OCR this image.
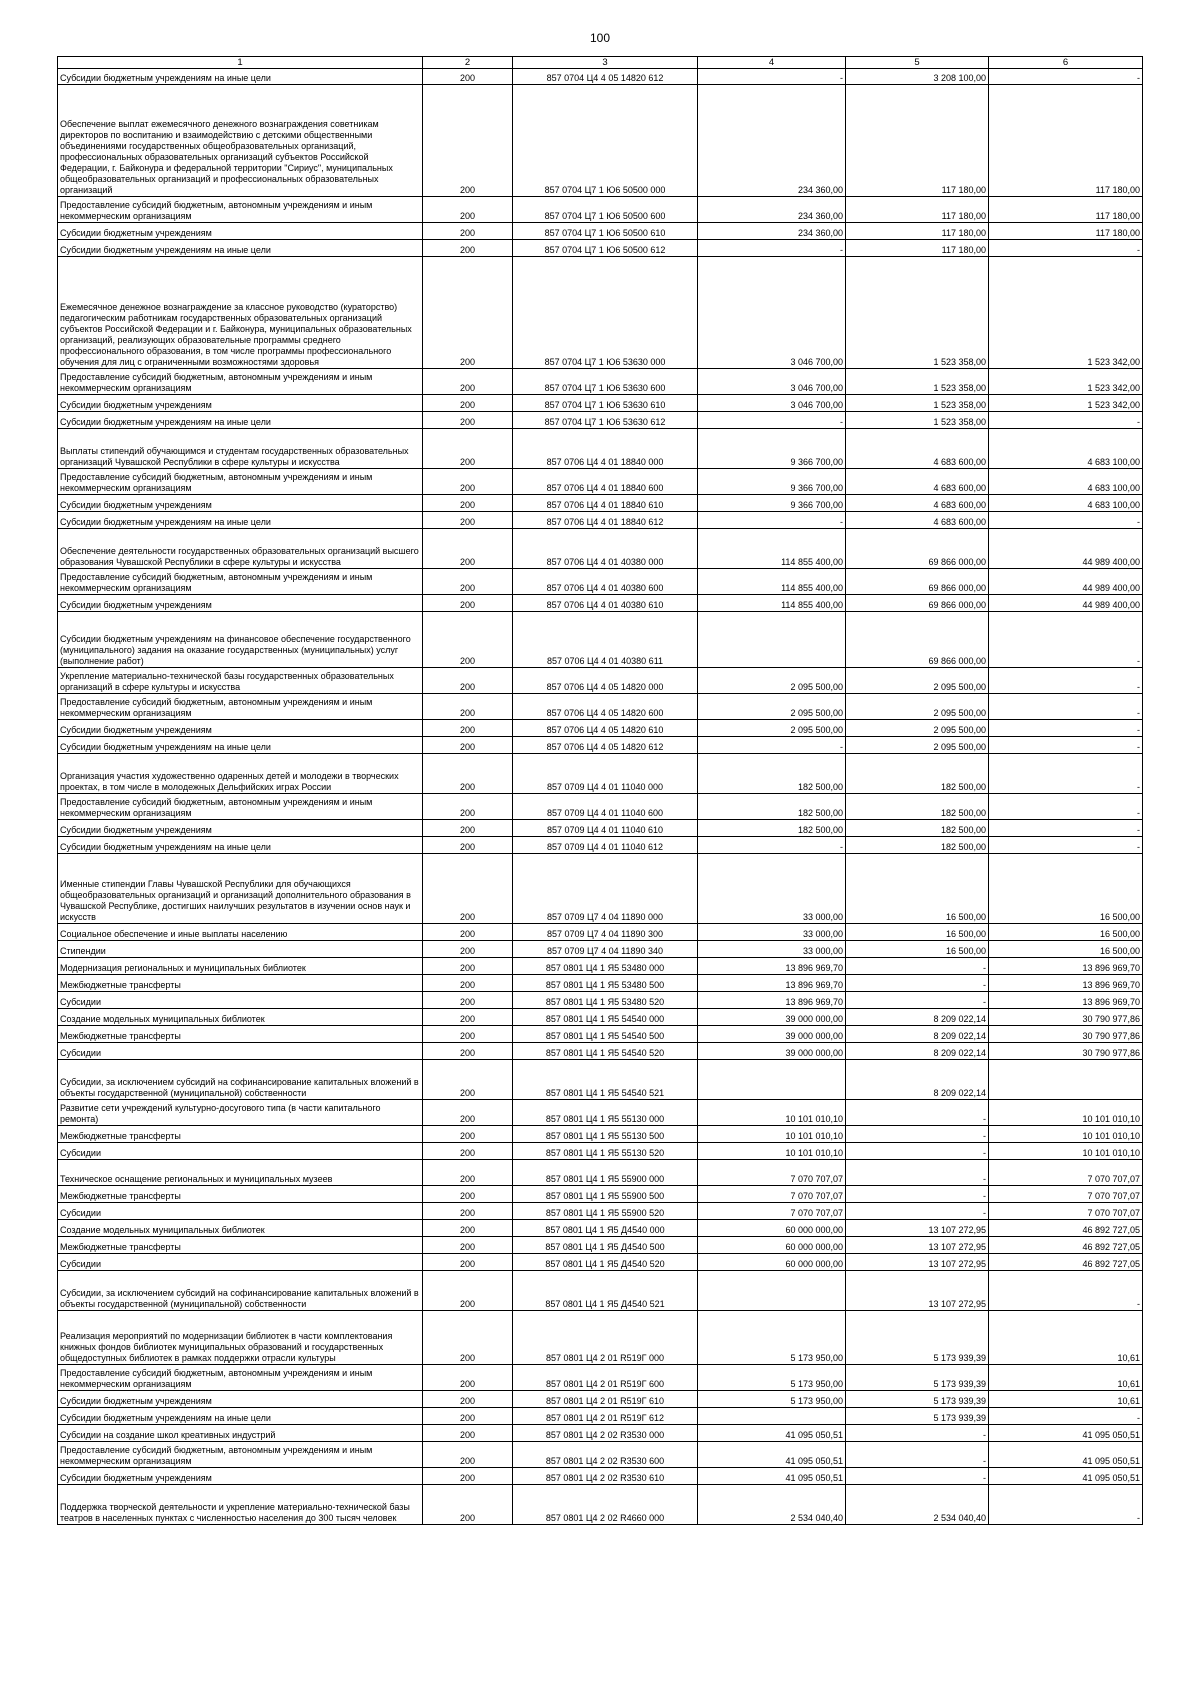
100
1	2	3	4	5	6
Субсидии бюджетным учреждениям на иные цели	200	857 0704 Ц4 4 05 14820 612	-	3 208 100,00	-
Обеспечение выплат ежемесячного денежного вознаграждения советникам директоров по воспитанию и взаимодействию с детскими общественными объединениями государственных общеобразовательных организаций, профессиональных образовательных организаций субъектов Российской Федерации, г. Байконура и федеральной территории "Сириус", муниципальных общеобразовательных организаций и профессиональных образовательных организаций	200	857 0704 Ц7 1 Ю6 50500 000	234 360,00	117 180,00	117 180,00
Предоставление субсидий бюджетным, автономным учреждениям и иным некоммерческим организациям	200	857 0704 Ц7 1 Ю6 50500 600	234 360,00	117 180,00	117 180,00
Субсидии бюджетным учреждениям	200	857 0704 Ц7 1 Ю6 50500 610	234 360,00	117 180,00	117 180,00
Субсидии бюджетным учреждениям на иные цели	200	857 0704 Ц7 1 Ю6 50500 612	-	117 180,00	-
Ежемесячное денежное вознаграждение за классное руководство (кураторство) педагогическим работникам государственных образовательных организаций субъектов Российской Федерации и г. Байконура, муниципальных образовательных организаций, реализующих образовательные программы среднего профессионального образования, в том числе программы профессионального обучения для лиц с ограниченными возможностями здоровья	200	857 0704 Ц7 1 Ю6 53630 000	3 046 700,00	1 523 358,00	1 523 342,00
Предоставление субсидий бюджетным, автономным учреждениям и иным некоммерческим организациям	200	857 0704 Ц7 1 Ю6 53630 600	3 046 700,00	1 523 358,00	1 523 342,00
Субсидии бюджетным учреждениям	200	857 0704 Ц7 1 Ю6 53630 610	3 046 700,00	1 523 358,00	1 523 342,00
Субсидии бюджетным учреждениям на иные цели	200	857 0704 Ц7 1 Ю6 53630 612	-	1 523 358,00	-
Выплаты стипендий обучающимся и студентам государственных образовательных организаций Чувашской Республики в сфере культуры и искусства	200	857 0706 Ц4 4 01 18840 000	9 366 700,00	4 683 600,00	4 683 100,00
Предоставление субсидий бюджетным, автономным учреждениям и иным некоммерческим организациям	200	857 0706 Ц4 4 01 18840 600	9 366 700,00	4 683 600,00	4 683 100,00
Субсидии бюджетным учреждениям	200	857 0706 Ц4 4 01 18840 610	9 366 700,00	4 683 600,00	4 683 100,00
Субсидии бюджетным учреждениям на иные цели	200	857 0706 Ц4 4 01 18840 612	-	4 683 600,00	-
Обеспечение деятельности государственных образовательных организаций высшего образования Чувашской Республики в сфере культуры и искусства	200	857 0706 Ц4 4 01 40380 000	114 855 400,00	69 866 000,00	44 989 400,00
Предоставление субсидий бюджетным, автономным учреждениям и иным некоммерческим организациям	200	857 0706 Ц4 4 01 40380 600	114 855 400,00	69 866 000,00	44 989 400,00
Субсидии бюджетным учреждениям	200	857 0706 Ц4 4 01 40380 610	114 855 400,00	69 866 000,00	44 989 400,00
Субсидии бюджетным учреждениям на финансовое обеспечение государственного (муниципального) задания на оказание государственных (муниципальных) услуг (выполнение работ)	200	857 0706 Ц4 4 01 40380 611		69 866 000,00	-
Укрепление материально-технической базы государственных образовательных организаций в сфере культуры и искусства	200	857 0706 Ц4 4 05 14820 000	2 095 500,00	2 095 500,00	-
Предоставление субсидий бюджетным, автономным учреждениям и иным некоммерческим организациям	200	857 0706 Ц4 4 05 14820 600	2 095 500,00	2 095 500,00	-
Субсидии бюджетным учреждениям	200	857 0706 Ц4 4 05 14820 610	2 095 500,00	2 095 500,00	-
Субсидии бюджетным учреждениям на иные цели	200	857 0706 Ц4 4 05 14820 612	-	2 095 500,00	-
Организация участия художественно одаренных детей и молодежи в творческих проектах, в том числе в молодежных Дельфийских играх России	200	857 0709 Ц4 4 01 11040 000	182 500,00	182 500,00	-
Предоставление субсидий бюджетным, автономным учреждениям и иным некоммерческим организациям	200	857 0709 Ц4 4 01 11040 600	182 500,00	182 500,00	-
Субсидии бюджетным учреждениям	200	857 0709 Ц4 4 01 11040 610	182 500,00	182 500,00	-
Субсидии бюджетным учреждениям на иные цели	200	857 0709 Ц4 4 01 11040 612	-	182 500,00	-
Именные стипендии Главы Чувашской Республики для обучающихся общеобразовательных организаций и организаций дополнительного образования в Чувашской Республике, достигших наилучших результатов в изучении основ наук и искусств	200	857 0709 Ц7 4 04 11890 000	33 000,00	16 500,00	16 500,00
Социальное обеспечение и иные выплаты населению	200	857 0709 Ц7 4 04 11890 300	33 000,00	16 500,00	16 500,00
Стипендии	200	857 0709 Ц7 4 04 11890 340	33 000,00	16 500,00	16 500,00
Модернизация региональных и муниципальных библиотек	200	857 0801 Ц4 1 Я5 53480 000	13 896 969,70	-	13 896 969,70
Межбюджетные трансферты	200	857 0801 Ц4 1 Я5 53480 500	13 896 969,70	-	13 896 969,70
Субсидии	200	857 0801 Ц4 1 Я5 53480 520	13 896 969,70	-	13 896 969,70
Создание модельных муниципальных библиотек	200	857 0801 Ц4 1 Я5 54540 000	39 000 000,00	8 209 022,14	30 790 977,86
Межбюджетные трансферты	200	857 0801 Ц4 1 Я5 54540 500	39 000 000,00	8 209 022,14	30 790 977,86
Субсидии	200	857 0801 Ц4 1 Я5 54540 520	39 000 000,00	8 209 022,14	30 790 977,86
Субсидии, за исключением субсидий на софинансирование капитальных вложений в объекты государственной (муниципальной) собственности	200	857 0801 Ц4 1 Я5 54540 521		8 209 022,14	
Развитие сети учреждений культурно-досугового типа (в части капитального ремонта)	200	857 0801 Ц4 1 Я5 55130 000	10 101 010,10	-	10 101 010,10
Межбюджетные трансферты	200	857 0801 Ц4 1 Я5 55130 500	10 101 010,10	-	10 101 010,10
Субсидии	200	857 0801 Ц4 1 Я5 55130 520	10 101 010,10	-	10 101 010,10
Техническое оснащение региональных и муниципальных музеев	200	857 0801 Ц4 1 Я5 55900 000	7 070 707,07	-	7 070 707,07
Межбюджетные трансферты	200	857 0801 Ц4 1 Я5 55900 500	7 070 707,07	-	7 070 707,07
Субсидии	200	857 0801 Ц4 1 Я5 55900 520	7 070 707,07	-	7 070 707,07
Создание модельных муниципальных библиотек	200	857 0801 Ц4 1 Я5 Д4540 000	60 000 000,00	13 107 272,95	46 892 727,05
Межбюджетные трансферты	200	857 0801 Ц4 1 Я5 Д4540 500	60 000 000,00	13 107 272,95	46 892 727,05
Субсидии	200	857 0801 Ц4 1 Я5 Д4540 520	60 000 000,00	13 107 272,95	46 892 727,05
Субсидии, за исключением субсидий на софинансирование капитальных вложений в объекты государственной (муниципальной) собственности	200	857 0801 Ц4 1 Я5 Д4540 521		13 107 272,95	-
Реализация мероприятий по модернизации библиотек в части комплектования книжных фондов библиотек муниципальных образований и государственных общедоступных библиотек в рамках поддержки отрасли культуры	200	857 0801 Ц4 2 01 R519Г 000	5 173 950,00	5 173 939,39	10,61
Предоставление субсидий бюджетным, автономным учреждениям и иным некоммерческим организациям	200	857 0801 Ц4 2 01 R519Г 600	5 173 950,00	5 173 939,39	10,61
Субсидии бюджетным учреждениям	200	857 0801 Ц4 2 01 R519Г 610	5 173 950,00	5 173 939,39	10,61
Субсидии бюджетным учреждениям на иные цели	200	857 0801 Ц4 2 01 R519Г 612		5 173 939,39	-
Субсидии на создание школ креативных индустрий	200	857 0801 Ц4 2 02 R3530 000	41 095 050,51	-	41 095 050,51
Предоставление субсидий бюджетным, автономным учреждениям и иным некоммерческим организациям	200	857 0801 Ц4 2 02 R3530 600	41 095 050,51	-	41 095 050,51
Субсидии бюджетным учреждениям	200	857 0801 Ц4 2 02 R3530 610	41 095 050,51	-	41 095 050,51
Поддержка творческой деятельности и укрепление материально-технической базы театров в населенных пунктах с численностью населения до 300 тысяч человек	200	857 0801 Ц4 2 02 R4660 000	2 534 040,40	2 534 040,40	-
